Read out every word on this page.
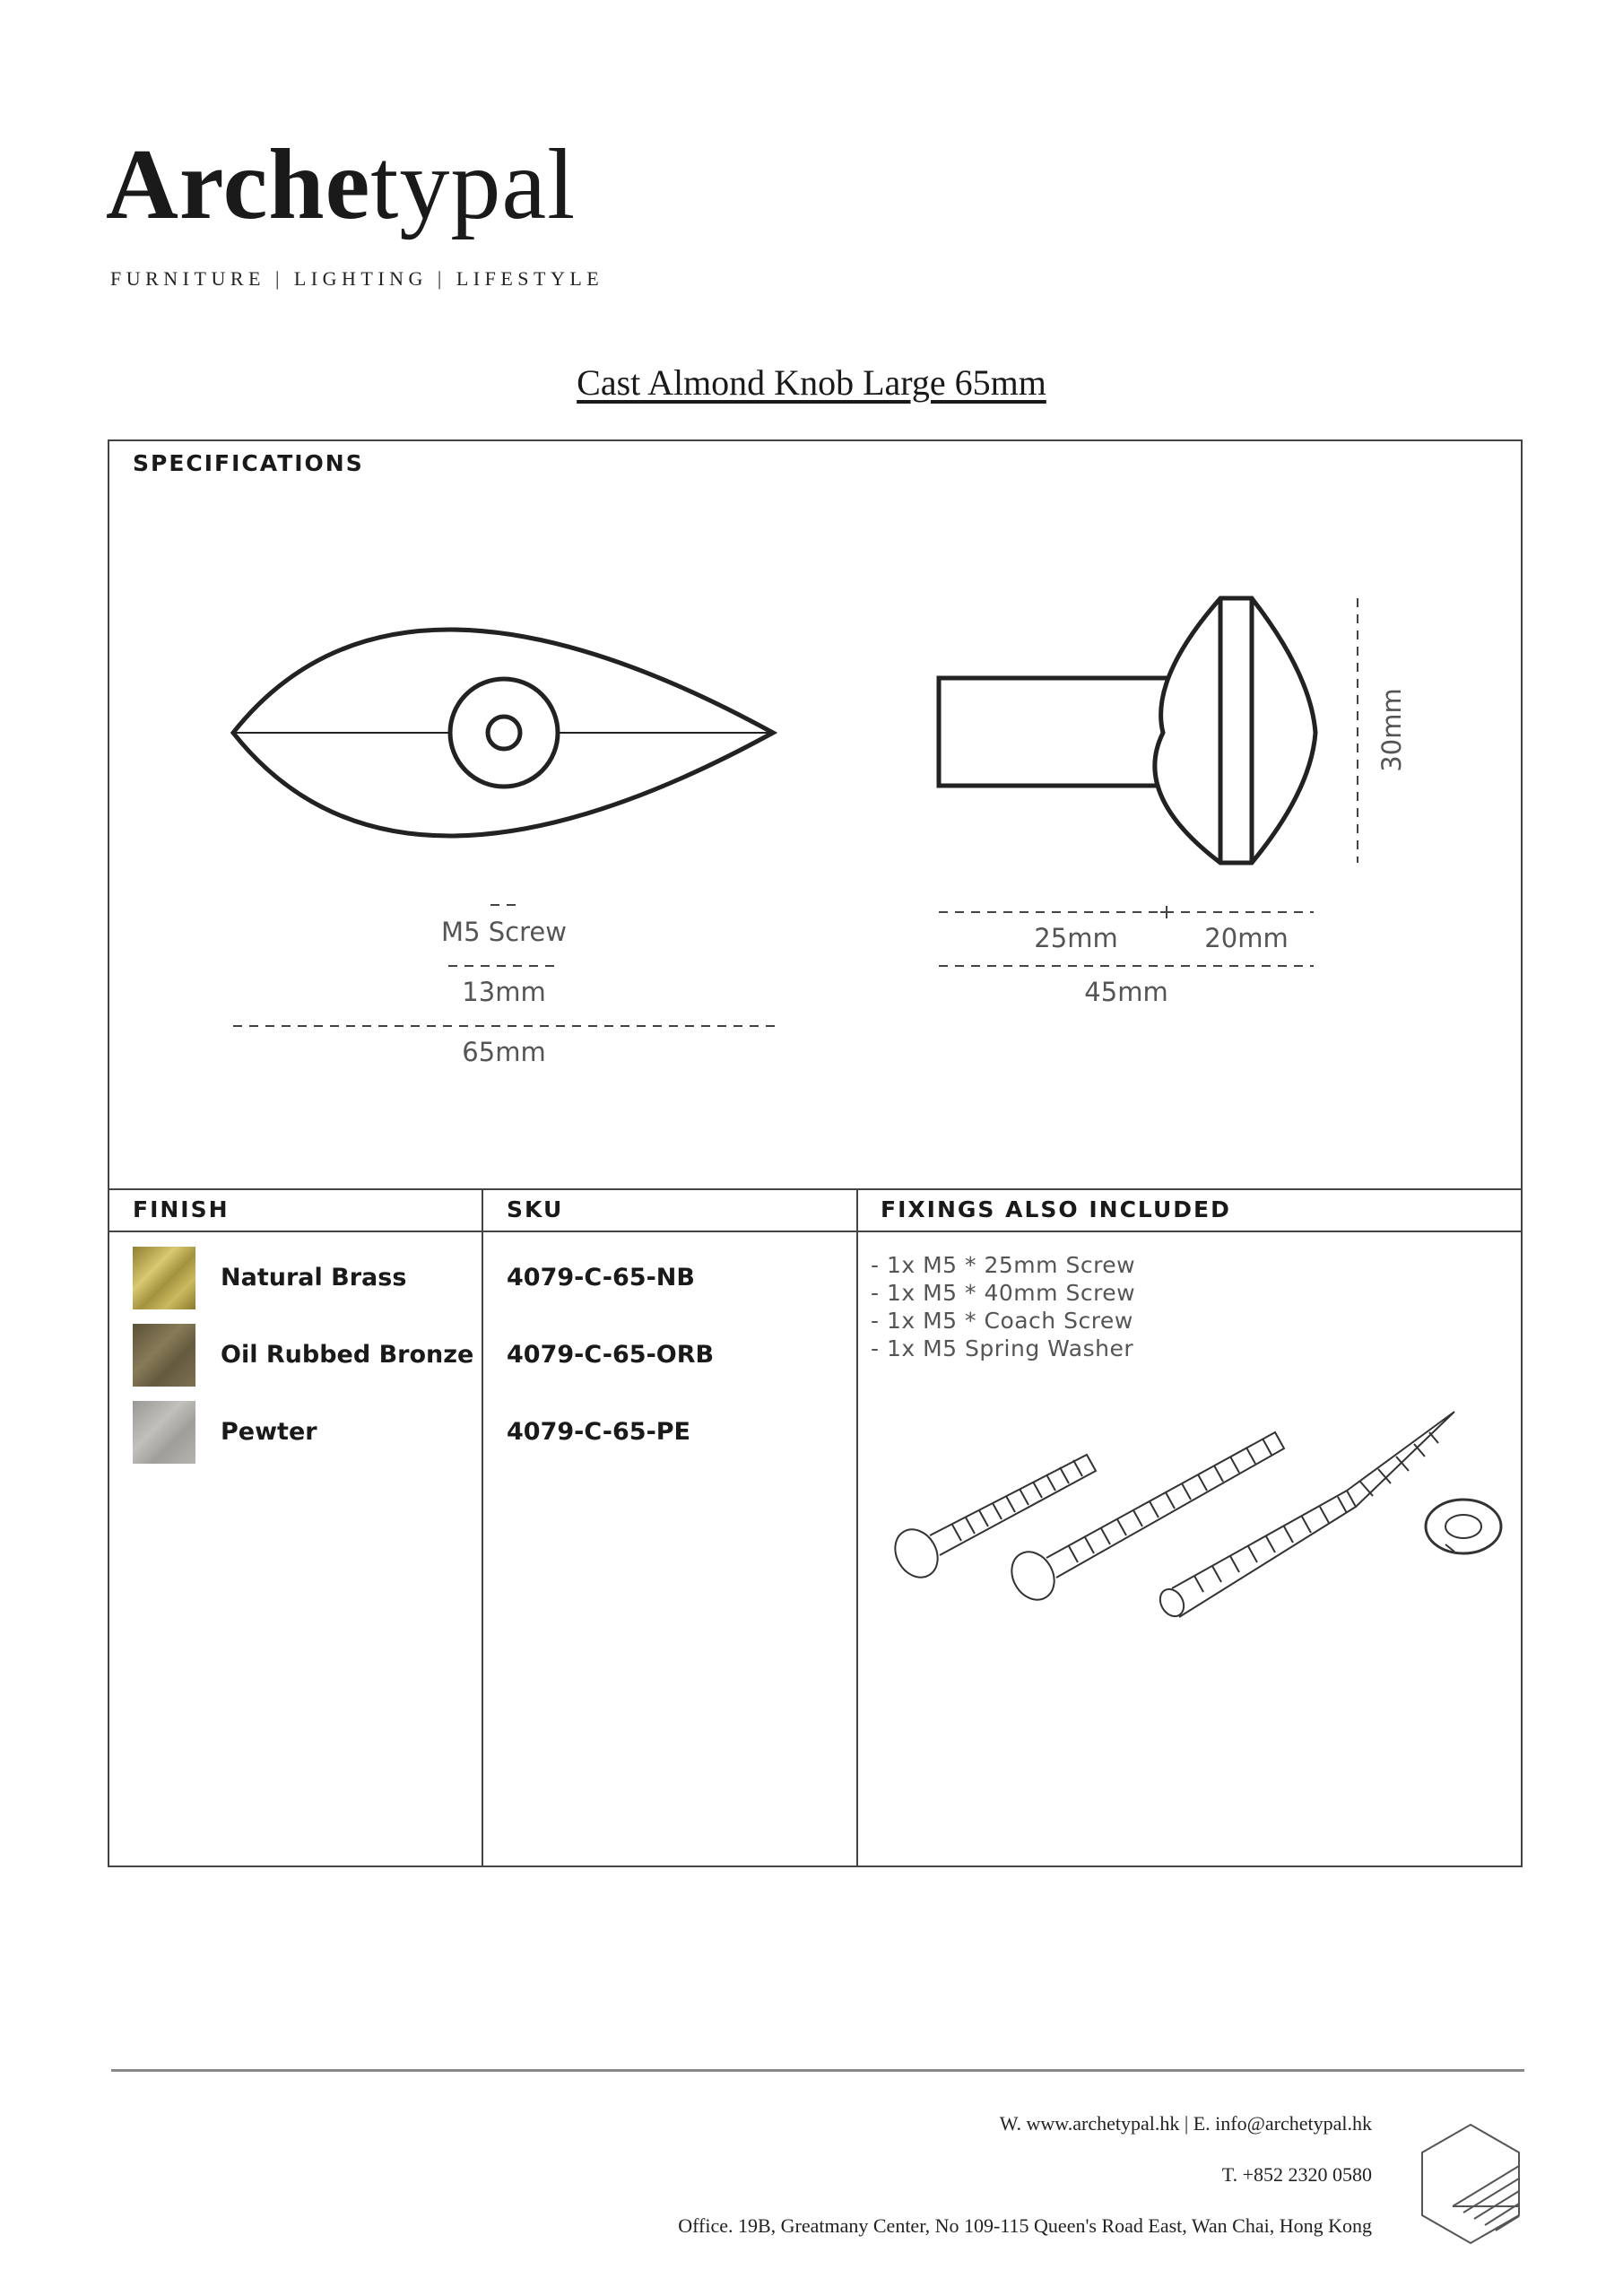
Archetypal
FURNITURE | LIGHTING | LIFESTYLE
Cast Almond Knob Large 65mm
SPECIFICATIONS
M5 Screw
13mm
65mm
25mm	20mm
45mm
30mm
FINISH	SKU	FIXINGS ALSO INCLUDED
Natural Brass	4079-C-65-NB
Oil Rubbed Bronze 4079-C-65-ORB
Pewter	4079-C-65-PE
- 1x M5 * 25mm Screw
- 1x M5 * 40mm Screw
- 1x M5 * Coach Screw
- 1x M5 Spring Washer
W. www.archetypal.hk | E. info@archetypal.hk
T. +852 2320 0580
Office. 19B, Greatmany Center, No 109-115 Queen's Road East, Wan Chai, Hong Kong
